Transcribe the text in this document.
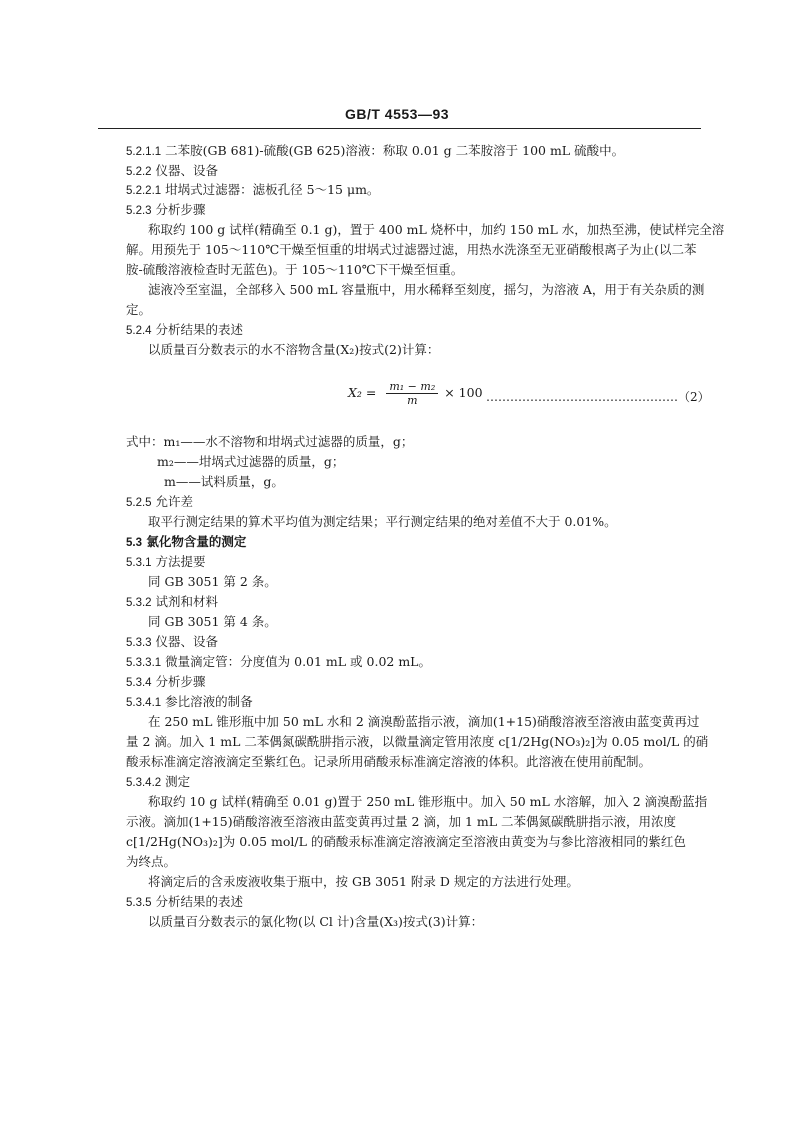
GB/T 4553—93
5.2.1.1 二苯胺(GB 681)-硫酸(GB 625)溶液：称取 0.01 g 二苯胺溶于 100 mL 硫酸中。
5.2.2 仪器、设备
5.2.2.1 坩埚式过滤器：滤板孔径 5～15 μm。
5.2.3 分析步骤
称取约 100 g 试样(精确至 0.1 g)，置于 400 mL 烧杯中，加约 150 mL 水，加热至沸，使试样完全溶
解。用预先于 105～110℃干燥至恒重的坩埚式过滤器过滤，用热水洗涤至无亚硝酸根离子为止(以二苯
胺-硫酸溶液检查时无蓝色)。于 105～110℃下干燥至恒重。
滤液冷至室温，全部移入 500 mL 容量瓶中，用水稀释至刻度，摇匀，为溶液 A，用于有关杂质的测
定。
5.2.4 分析结果的表述
以质量百分数表示的水不溶物含量(X₂)按式(2)计算：
$X_2 = \frac{\text{m₁ − m₂}}{m} \times 100$ …………………………………………（2）
式中：m₁——水不溶物和坩埚式过滤器的质量，g；
m₂——坩埚式过滤器的质量，g；
m——试料质量，g。
5.2.5 允许差
取平行测定结果的算术平均值为测定结果；平行测定结果的绝对差值不大于 0.01%。
5.3 氯化物含量的测定
5.3.1 方法提要
同 GB 3051 第 2 条。
5.3.2 试剂和材料
同 GB 3051 第 4 条。
5.3.3 仪器、设备
5.3.3.1 微量滴定管：分度值为 0.01 mL 或 0.02 mL。
5.3.4 分析步骤
5.3.4.1 参比溶液的制备
在 250 mL 锥形瓶中加 50 mL 水和 2 滴溴酚蓝指示液，滴加(1+15)硝酸溶液至溶液由蓝变黄再过
量 2 滴。加入 1 mL 二苯偶氮碳酰肼指示液，以微量滴定管用浓度 c[1/2Hg(NO₃)₂]为 0.05 mol/L 的硝
酸汞标准滴定溶液滴定至紫红色。记录所用硝酸汞标准滴定溶液的体积。此溶液在使用前配制。
5.3.4.2 测定
称取约 10 g 试样(精确至 0.01 g)置于 250 mL 锥形瓶中。加入 50 mL 水溶解，加入 2 滴溴酚蓝指
示液。滴加(1+15)硝酸溶液至溶液由蓝变黄再过量 2 滴，加 1 mL 二苯偶氮碳酰肼指示液，用浓度
c[1/2Hg(NO₃)₂]为 0.05 mol/L 的硝酸汞标准滴定溶液滴定至溶液由黄变为与参比溶液相同的紫红色
为终点。
将滴定后的含汞废液收集于瓶中，按 GB 3051 附录 D 规定的方法进行处理。
5.3.5 分析结果的表述
以质量百分数表示的氯化物(以 Cl 计)含量(X₃)按式(3)计算：
